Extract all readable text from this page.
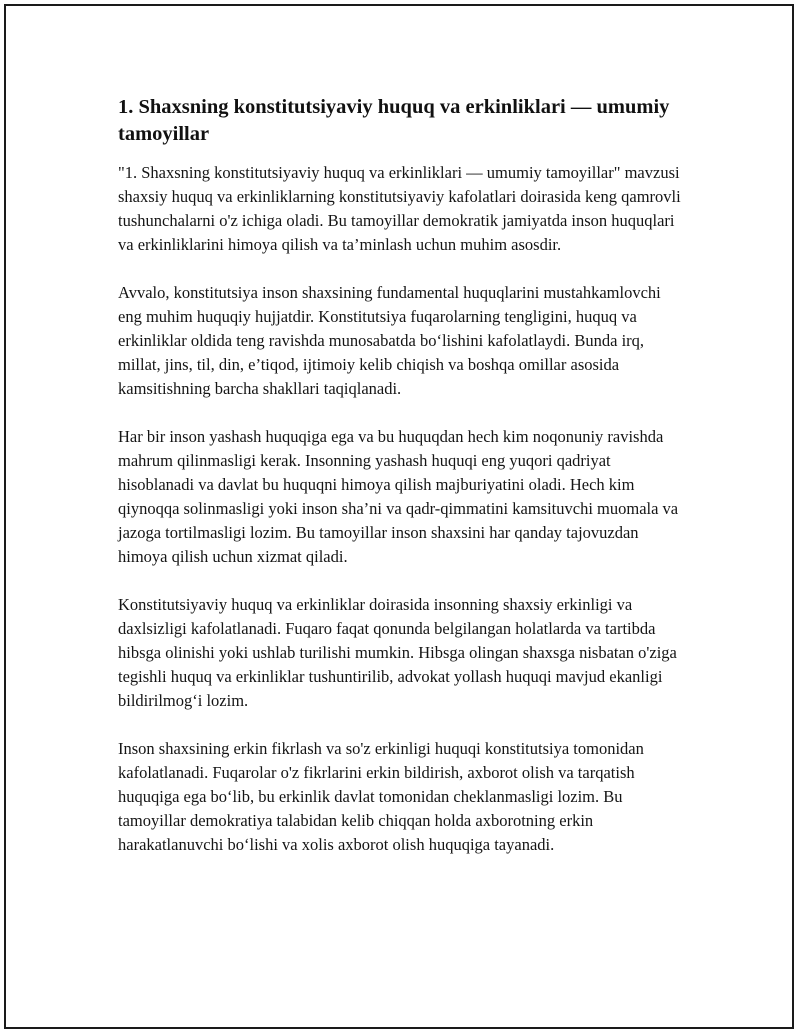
1. Shaxsning konstitutsiyaviy huquq va erkinliklari — umumiy tamoyillar

"1. Shaxsning konstitutsiyaviy huquq va erkinliklari — umumiy tamoyillar" mavzusi shaxsiy huquq va erkinliklarning konstitutsiyaviy kafolatlari doirasida keng qamrovli tushunchalarni o'z ichiga oladi. Bu tamoyillar demokratik jamiyatda inson huquqlari va erkinliklarini himoya qilish va ta’minlash uchun muhim asosdir.

Avvalo, konstitutsiya inson shaxsining fundamental huquqlarini mustahkamlovchi eng muhim huquqiy hujjatdir. Konstitutsiya fuqarolarning tengligini, huquq va erkinliklar oldida teng ravishda munosabatda bo‘lishini kafolatlaydi. Bunda irq, millat, jins, til, din, e’tiqod, ijtimoiy kelib chiqish va boshqa omillar asosida kamsitishning barcha shakllari taqiqlanadi.

Har bir inson yashash huquqiga ega va bu huquqdan hech kim noqonuniy ravishda mahrum qilinmasligi kerak. Insonning yashash huquqi eng yuqori qadriyat hisoblanadi va davlat bu huquqni himoya qilish majburiyatini oladi. Hech kim qiynoqqa solinmasligi yoki inson sha’ni va qadr-qimmatini kamsituvchi muomala va jazoga tortilmasligi lozim. Bu tamoyillar inson shaxsini har qanday tajovuzdan himoya qilish uchun xizmat qiladi.

Konstitutsiyaviy huquq va erkinliklar doirasida insonning shaxsiy erkinligi va daxlsizligi kafolatlanadi. Fuqaro faqat qonunda belgilangan holatlarda va tartibda hibsga olinishi yoki ushlab turilishi mumkin. Hibsga olingan shaxsga nisbatan o'ziga tegishli huquq va erkinliklar tushuntirilib, advokat yollash huquqi mavjud ekanligi bildirilmog‘i lozim.

Inson shaxsining erkin fikrlash va so'z erkinligi huquqi konstitutsiya tomonidan kafolatlanadi. Fuqarolar o'z fikrlarini erkin bildirish, axborot olish va tarqatish huquqiga ega bo‘lib, bu erkinlik davlat tomonidan cheklanmasligi lozim. Bu tamoyillar demokratiya talabidan kelib chiqqan holda axborotning erkin harakatlanuvchi bo‘lishi va xolis axborot olish huquqiga tayanadi.
